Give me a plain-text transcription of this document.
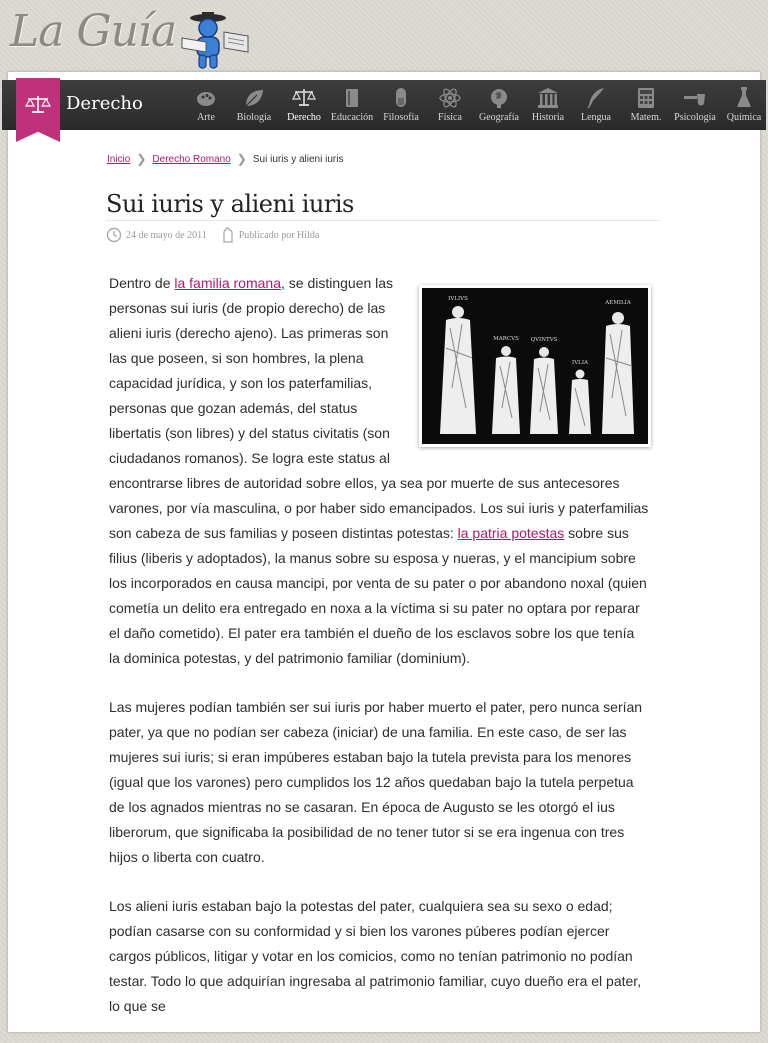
La Guía
Derecho
Arte	Biología	Derecho Educación	Filosofía	Física	Geografía	Historia	Lengua	Matem.	Psicología	Química
Inicio ❯ Derecho Romano ❯ Sui iuris y alieni iuris
Sui iuris y alieni iuris
24 de mayo de 2011	Publicado por Hilda
IVLIVS
MARCVS QVINTVS
IVLIA
AEMILIA

Dentro de la familia romana, se distinguen las personas sui iuris (de propio derecho) de las alieni iuris (derecho ajeno). Las primeras son las que poseen, si son hombres, la plena capacidad jurídica, y son los paterfamilias, personas que gozan además, del status libertatis (son libres) y del status civitatis (son ciudadanos romanos). Se logra este status al encontrarse libres de autoridad sobre ellos, ya sea por muerte de sus antecesores varones, por vía masculina, o por haber sido emancipados. Los sui iuris y paterfamilias son cabeza de sus familias y poseen distintas potestas: la patria potestas sobre sus filius (liberis y adoptados), la manus sobre su esposa y nueras, y el mancipium sobre los incorporados en causa mancipi, por venta de su pater o por abandono noxal (quien cometía un delito era entregado en noxa a la víctima si su pater no optara por reparar el daño cometido). El pater era también el dueño de los esclavos sobre los que tenía la dominica potestas, y del patrimonio familiar (dominium).

Las mujeres podían también ser sui iuris por haber muerto el pater, pero nunca serían pater, ya que no podían ser cabeza (iniciar) de una familia. En este caso, de ser las mujeres sui iuris; si eran impúberes estaban bajo la tutela prevista para los menores (igual que los varones) pero cumplidos los 12 años quedaban bajo la tutela perpetua de los agnados mientras no se casaran. En época de Augusto se les otorgó el ius liberorum, que significaba la posibilidad de no tener tutor si se era ingenua con tres hijos o liberta con cuatro.

Los alieni iuris estaban bajo la potestas del pater, cualquiera sea su sexo o edad; podían casarse con su conformidad y si bien los varones púberes podían ejercer cargos públicos, litigar y votar en los comicios, como no tenían patrimonio no podían testar. Todo lo que adquirían ingresaba al patrimonio familiar, cuyo dueño era el pater, lo que se
